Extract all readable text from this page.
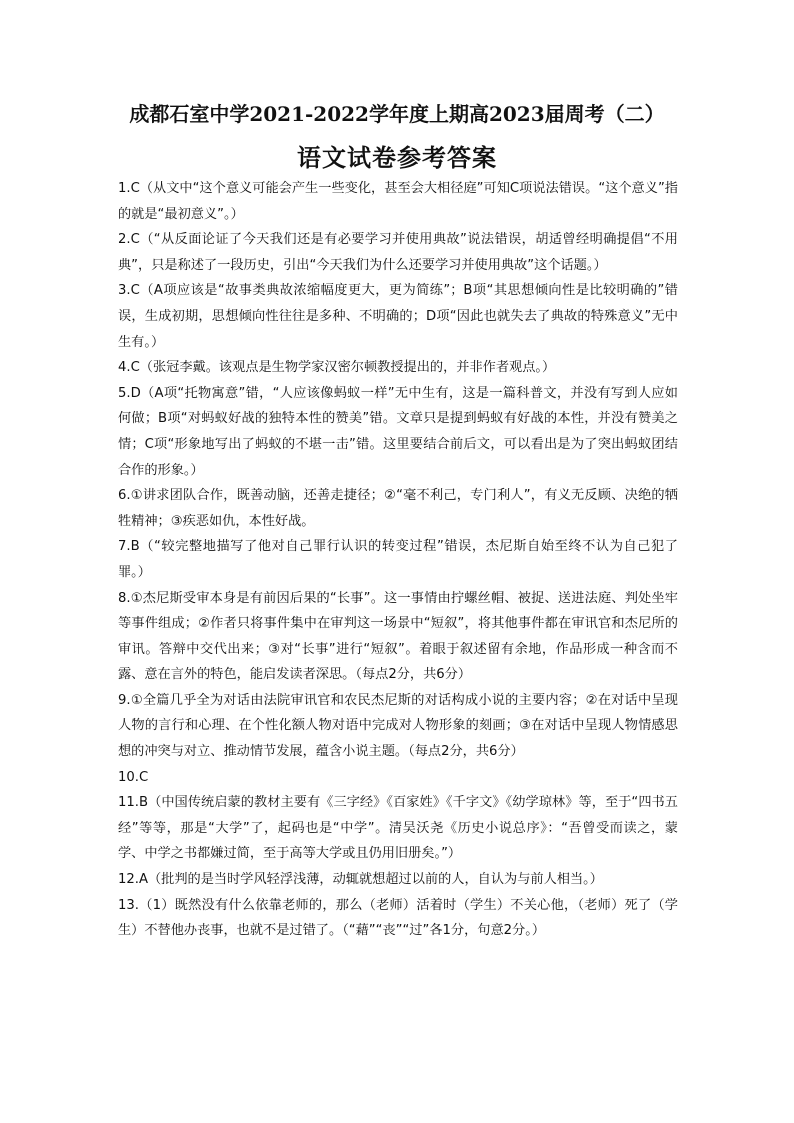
成都石室中学2021-2022学年度上期高2023届周考（二）
语文试卷参考答案

1.C（从文中“这个意义可能会产生一些变化，甚至会大相径庭”可知C项说法错误。“这个意义”指的就是“最初意义”。）

2.C（“从反面论证了今天我们还是有必要学习并使用典故”说法错误，胡适曾经明确提倡“不用典”，只是称述了一段历史，引出“今天我们为什么还要学习并使用典故”这个话题。）

3.C（A项应该是“故事类典故浓缩幅度更大，更为简练”；B项“其思想倾向性是比较明确的”错误，生成初期，思想倾向性往往是多种、不明确的；D项“因此也就失去了典故的特殊意义”无中生有。）

4.C（张冠李戴。该观点是生物学家汉密尔顿教授提出的，并非作者观点。）

5.D（A项“托物寓意”错，“人应该像蚂蚁一样”无中生有，这是一篇科普文，并没有写到人应如何做；B项“对蚂蚁好战的独特本性的赞美”错。文章只是提到蚂蚁有好战的本性，并没有赞美之情；C项“形象地写出了蚂蚁的不堪一击”错。这里要结合前后文，可以看出是为了突出蚂蚁团结合作的形象。）

6.①讲求团队合作，既善动脑，还善走捷径；②“毫不利己，专门利人”，有义无反顾、决绝的牺牲精神；③疾恶如仇，本性好战。

7.B（“较完整地描写了他对自己罪行认识的转变过程”错误，杰尼斯自始至终不认为自己犯了罪。）

8.①杰尼斯受审本身是有前因后果的“长事”。这一事情由拧螺丝帽、被捉、送进法庭、判处坐牢等事件组成；②作者只将事件集中在审判这一场景中“短叙”，将其他事件都在审讯官和杰尼所的审讯。答辩中交代出来；③对“长事”进行“短叙”。着眼于叙述留有余地，作品形成一种含而不露、意在言外的特色，能启发读者深思。（每点2分，共6分）

9.①全篇几乎全为对话由法院审讯官和农民杰尼斯的对话构成小说的主要内容；②在对话中呈现人物的言行和心理、在个性化额人物对语中完成对人物形象的刻画；③在对话中呈现人物情感思想的冲突与对立、推动情节发展，蕴含小说主题。（每点2分，共6分）

10.C

11.B（中国传统启蒙的教材主要有《三字经》《百家姓》《千字文》《幼学琼林》等，至于“四书五经”等等，那是“大学”了，起码也是“中学”。清吴沃尧《历史小说总序》：“吾曾受而读之，蒙学、中学之书都嫌过简，至于高等大学或且仍用旧册矣。”）

12.A（批判的是当时学风轻浮浅薄，动辄就想超过以前的人，自认为与前人相当。）

13.（1）既然没有什么依靠老师的，那么（老师）活着时（学生）不关心他，（老师）死了（学生）不替他办丧事，也就不是过错了。（“藉”“丧”“过”各1分，句意2分。）
